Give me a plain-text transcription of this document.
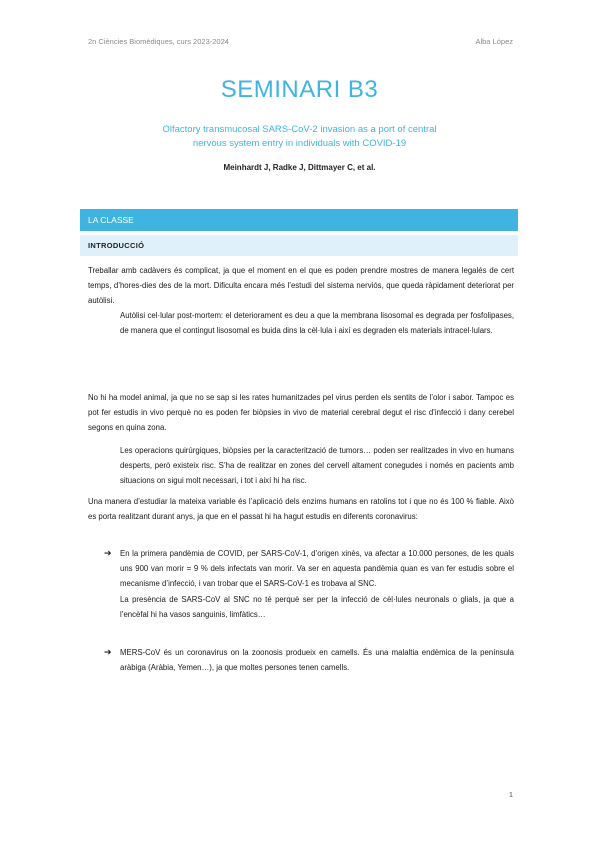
2n Ciències Biomèdiques, curs 2023-2024	Alba López
SEMINARI B3
Olfactory transmucosal SARS-CoV-2 invasion as a port of central
nervous system entry in individuals with COVID-19
Meinhardt J, Radke J, Dittmayer C, et al.
LA CLASSE
INTRODUCCIÓ

Treballar amb cadàvers és complicat, ja que el moment en el que es poden prendre mostres de manera legalés de cert temps, d’hores-dies des de la mort. Dificulta encara més l’estudi del sistema nerviós, que queda ràpidament deteriorat per autòlisi.

Autòlisi cel·lular post-mortem: el deteriorament es deu a que la membrana lisosomal es degrada per fosfolipases, de manera que el contingut lisosomal es buida dins la cèl·lula i així es degraden els materials intracel·lulars.

No hi ha model animal, ja que no se sap si les rates humanitzades pel virus perden els sentits de l’olor i sabor. Tampoc es pot fer estudis in vivo perquè no es poden fer biòpsies in vivo de material cerebral degut el risc d’infecció i dany cerebel segons en quina zona.

Les operacions quirúrgiques, biòpsies per la caracterització de tumors… poden ser realitzades in vivo en humans desperts, però existeix risc. S’ha de realitzar en zones del cervell altament conegudes i només en pacients amb situacions on sigui molt necessari, i tot i així hi ha risc.

Una manera d’estudiar la mateixa variable és l’aplicació dels enzims humans en ratolins tot i que no és 100 % fiable. Això es porta realitzant durant anys, ja que en el passat hi ha hagut estudis en diferents coronavirus:

➔	En la primera pandèmia de COVID, per SARS-CoV-1, d’origen xinès, va afectar a 10.000 persones, de les quals uns 900 van morir = 9 % dels infectats van morir. Va ser en aquesta pandèmia quan es van fer estudis sobre el mecanisme d’infecció, i van trobar que el SARS-CoV-1 es trobava al SNC.

La presència de SARS-CoV al SNC no té perquè ser per la infecció de cèl·lules neuronals o glials, ja que a l’encèfal hi ha vasos sanguinis, limfàtics…

➔	MERS-CoV és un coronavirus on la zoonosis produeix en camells. És una malaltia endèmica de la península aràbiga (Aràbia, Yemen…), ja que moltes persones tenen camells.

1
